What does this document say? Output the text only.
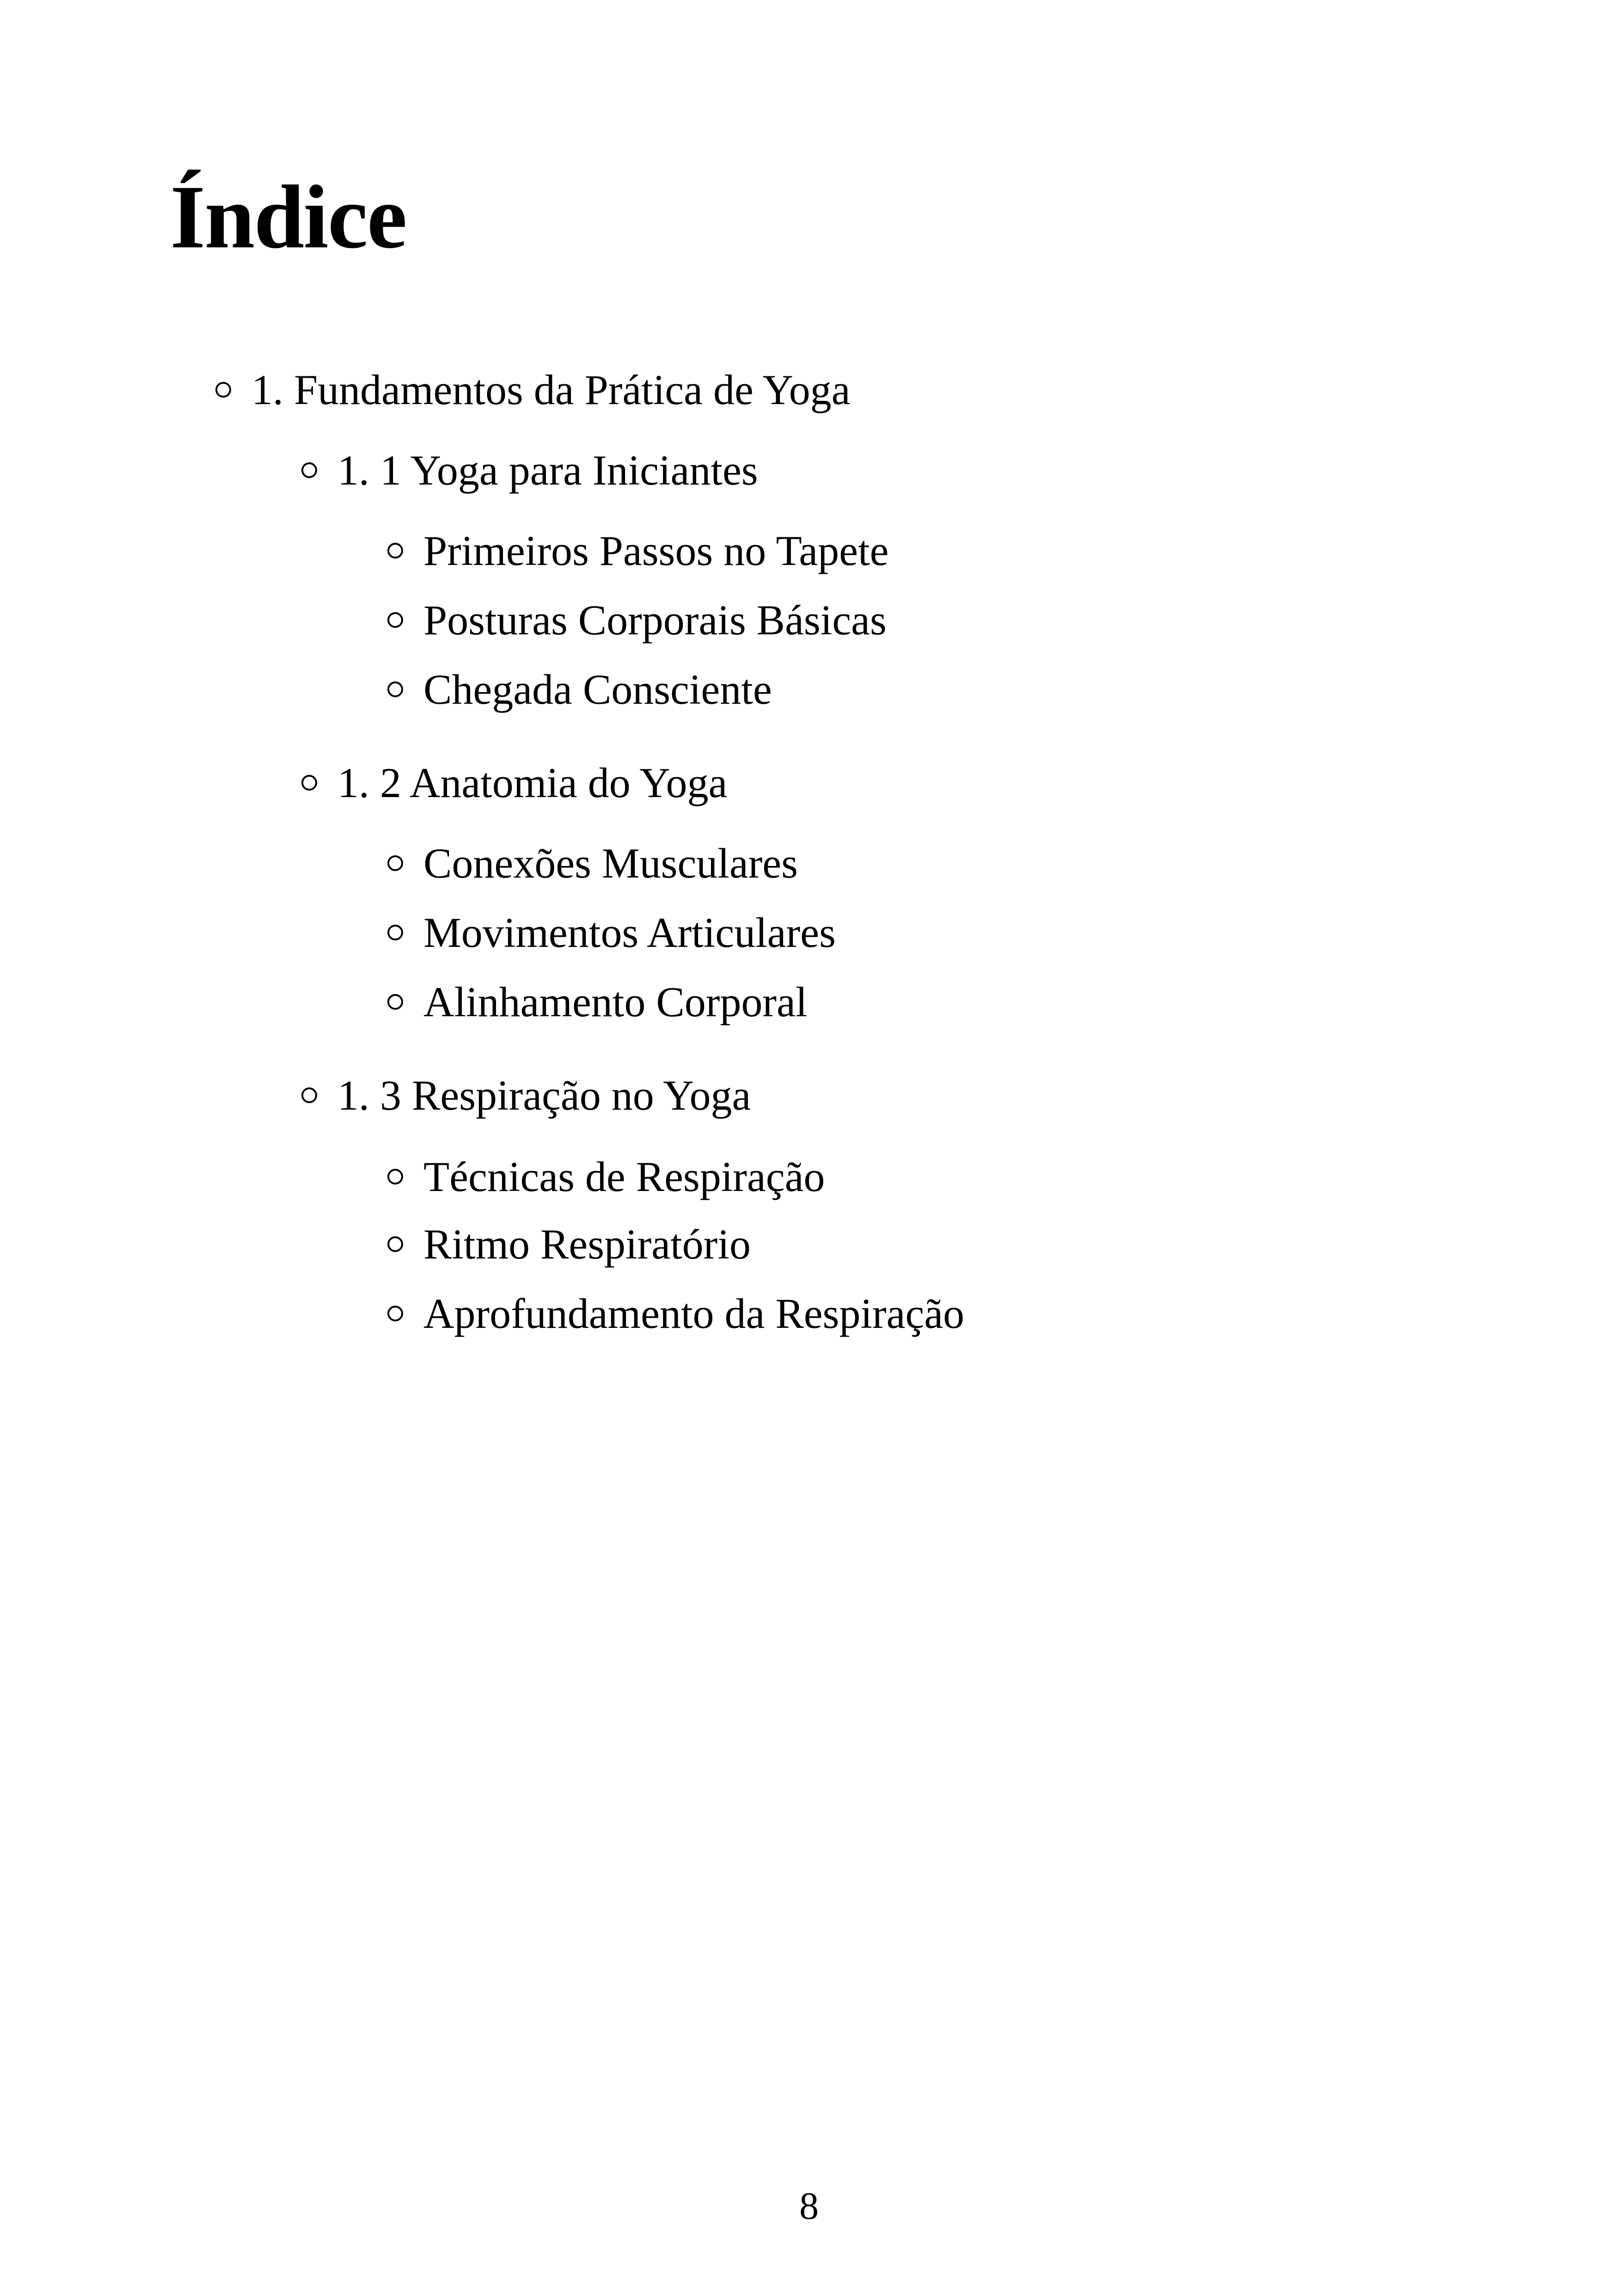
Índice
1. Fundamentos da Prática de Yoga
1. 1 Yoga para Iniciantes
Primeiros Passos no Tapete
Posturas Corporais Básicas
Chegada Consciente
1. 2 Anatomia do Yoga
Conexões Musculares
Movimentos Articulares
Alinhamento Corporal
1. 3 Respiração no Yoga
Técnicas de Respiração
Ritmo Respiratório
Aprofundamento da Respiração
8
